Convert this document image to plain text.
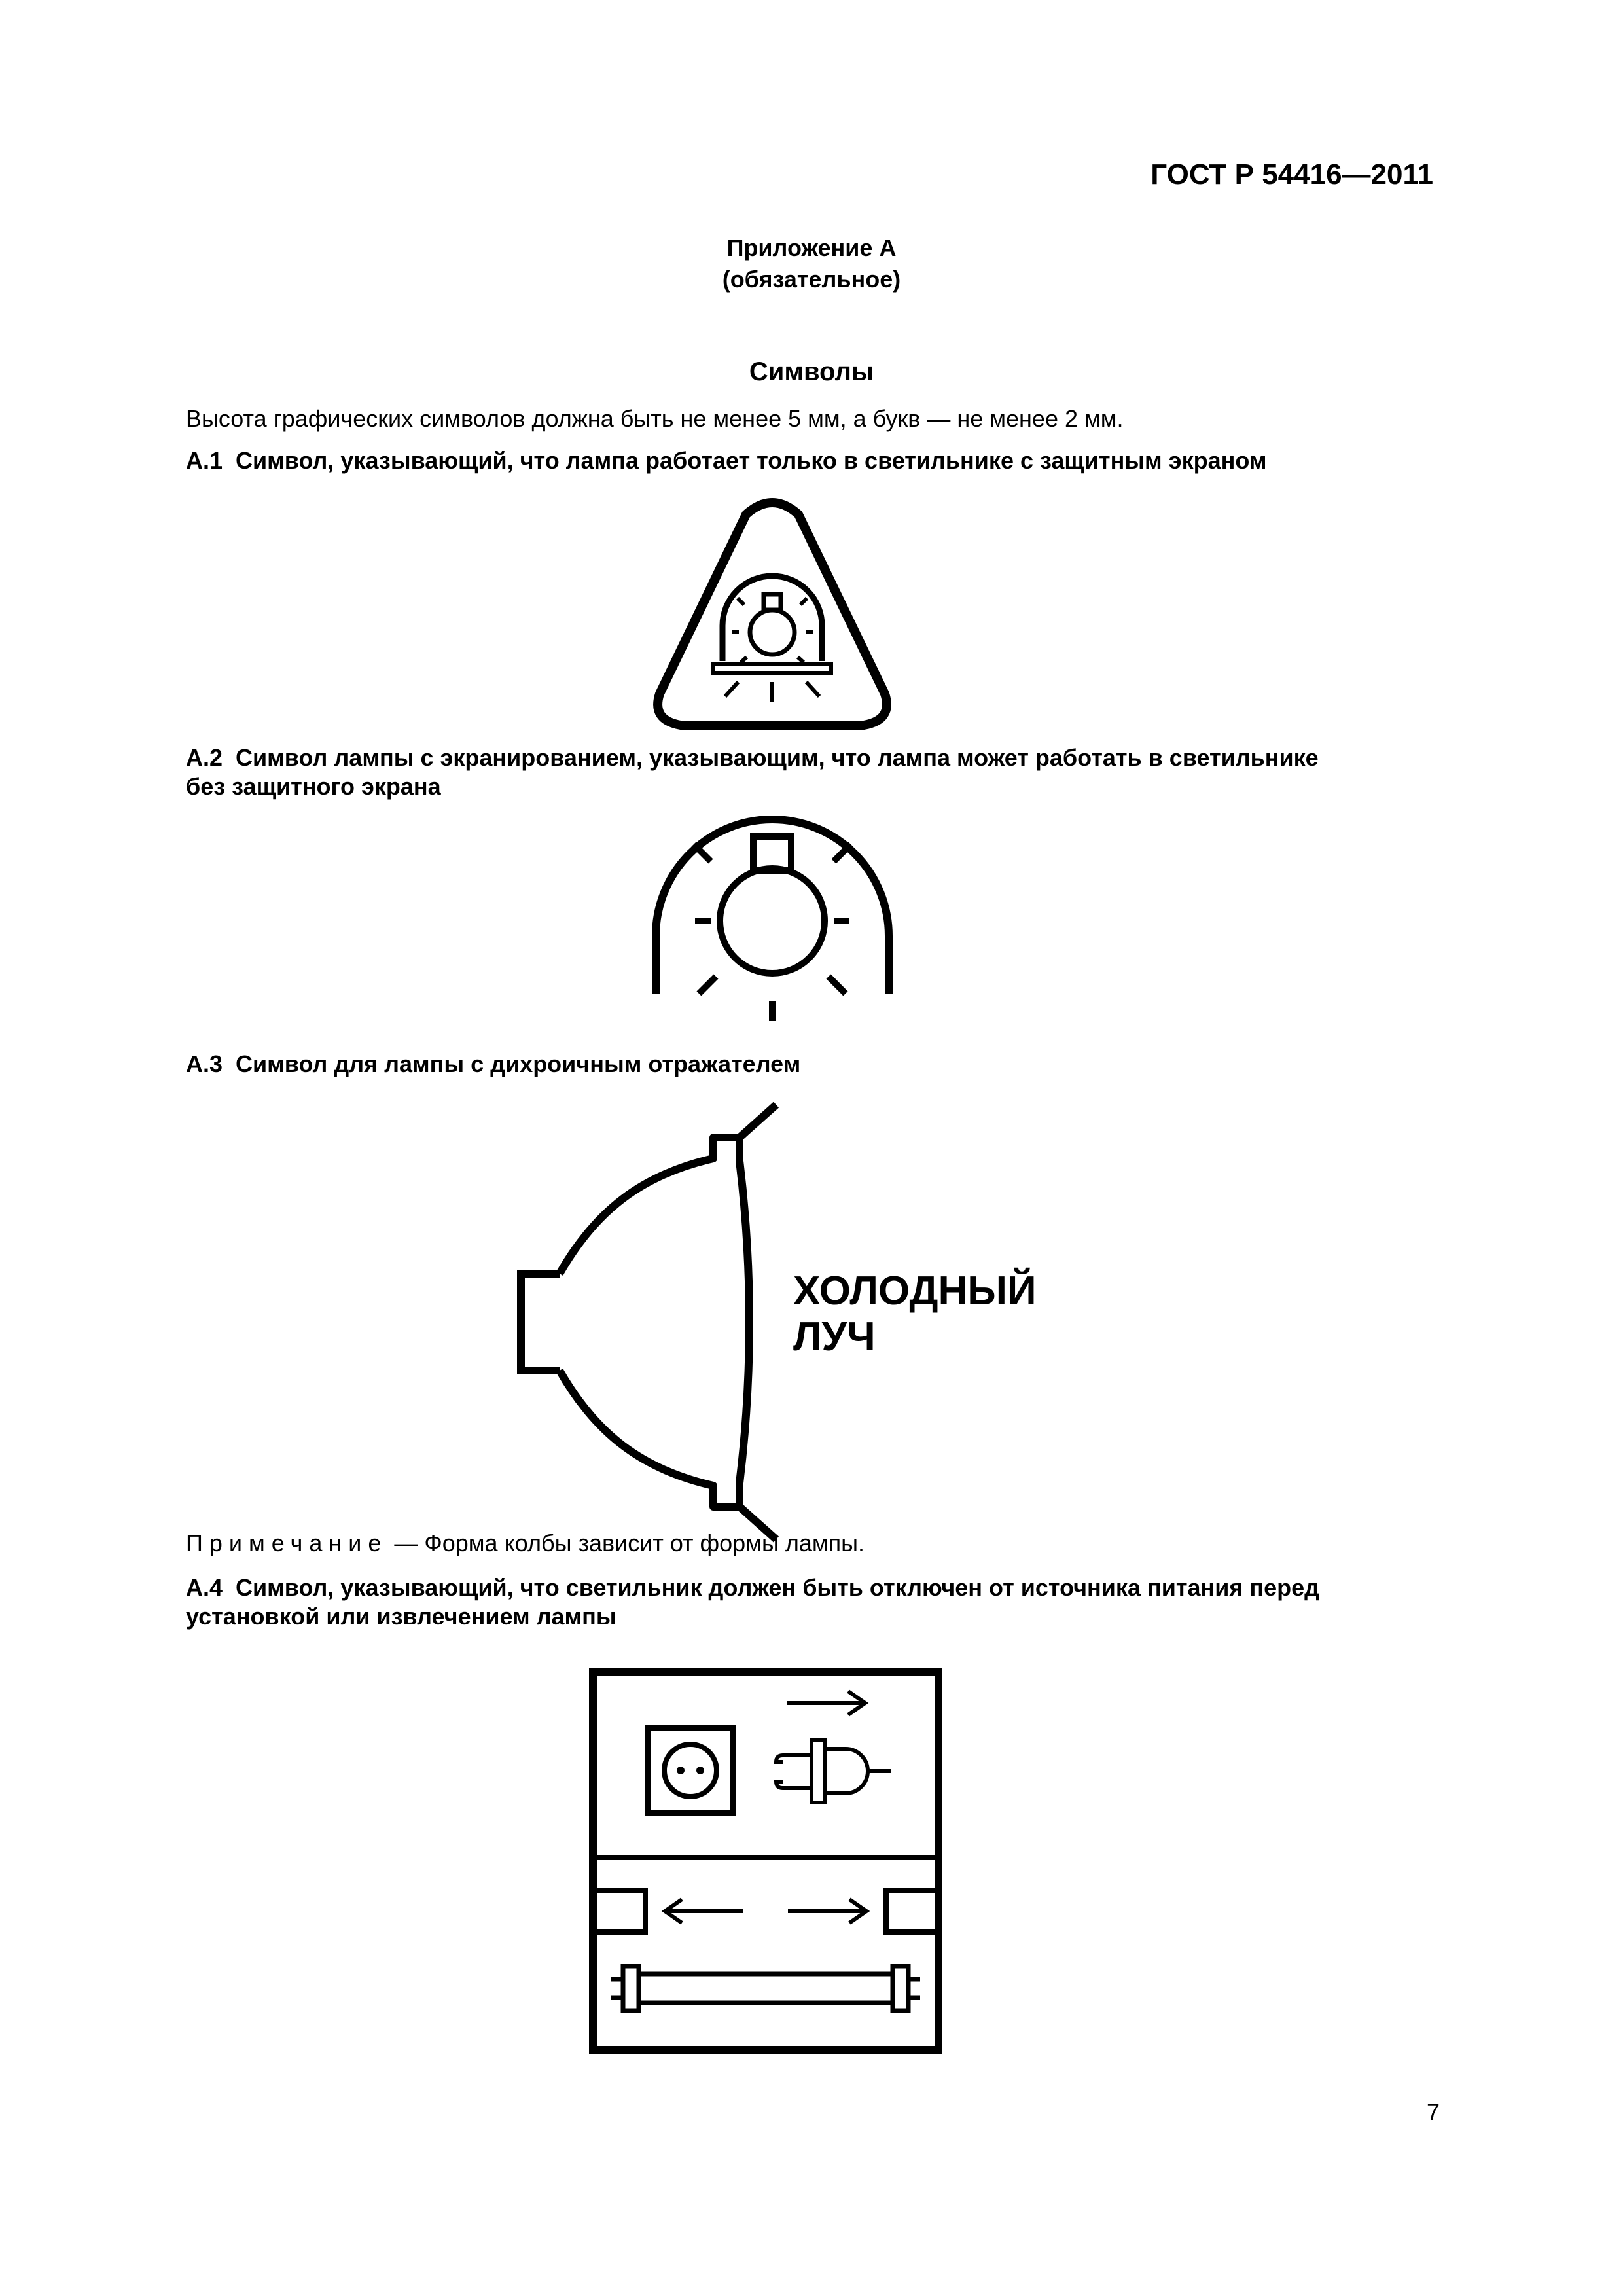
ГОСТ Р 54416—2011
Приложение А
(обязательное)
Символы
Высота графических символов должна быть не менее 5 мм, а букв — не менее 2 мм.
А.1 Символ, указывающий, что лампа работает только в светильнике с защитным экраном
А.2 Символ лампы с экранированием, указывающим, что лампа может работать в светильнике
без защитного экрана
А.3 Символ для лампы с дихроичным отражателем
ХОЛОДНЫЙ
ЛУЧ
Примечание — Форма колбы зависит от формы лампы.
А.4 Символ, указывающий, что светильник должен быть отключен от источника питания перед
установкой или извлечением лампы
7
